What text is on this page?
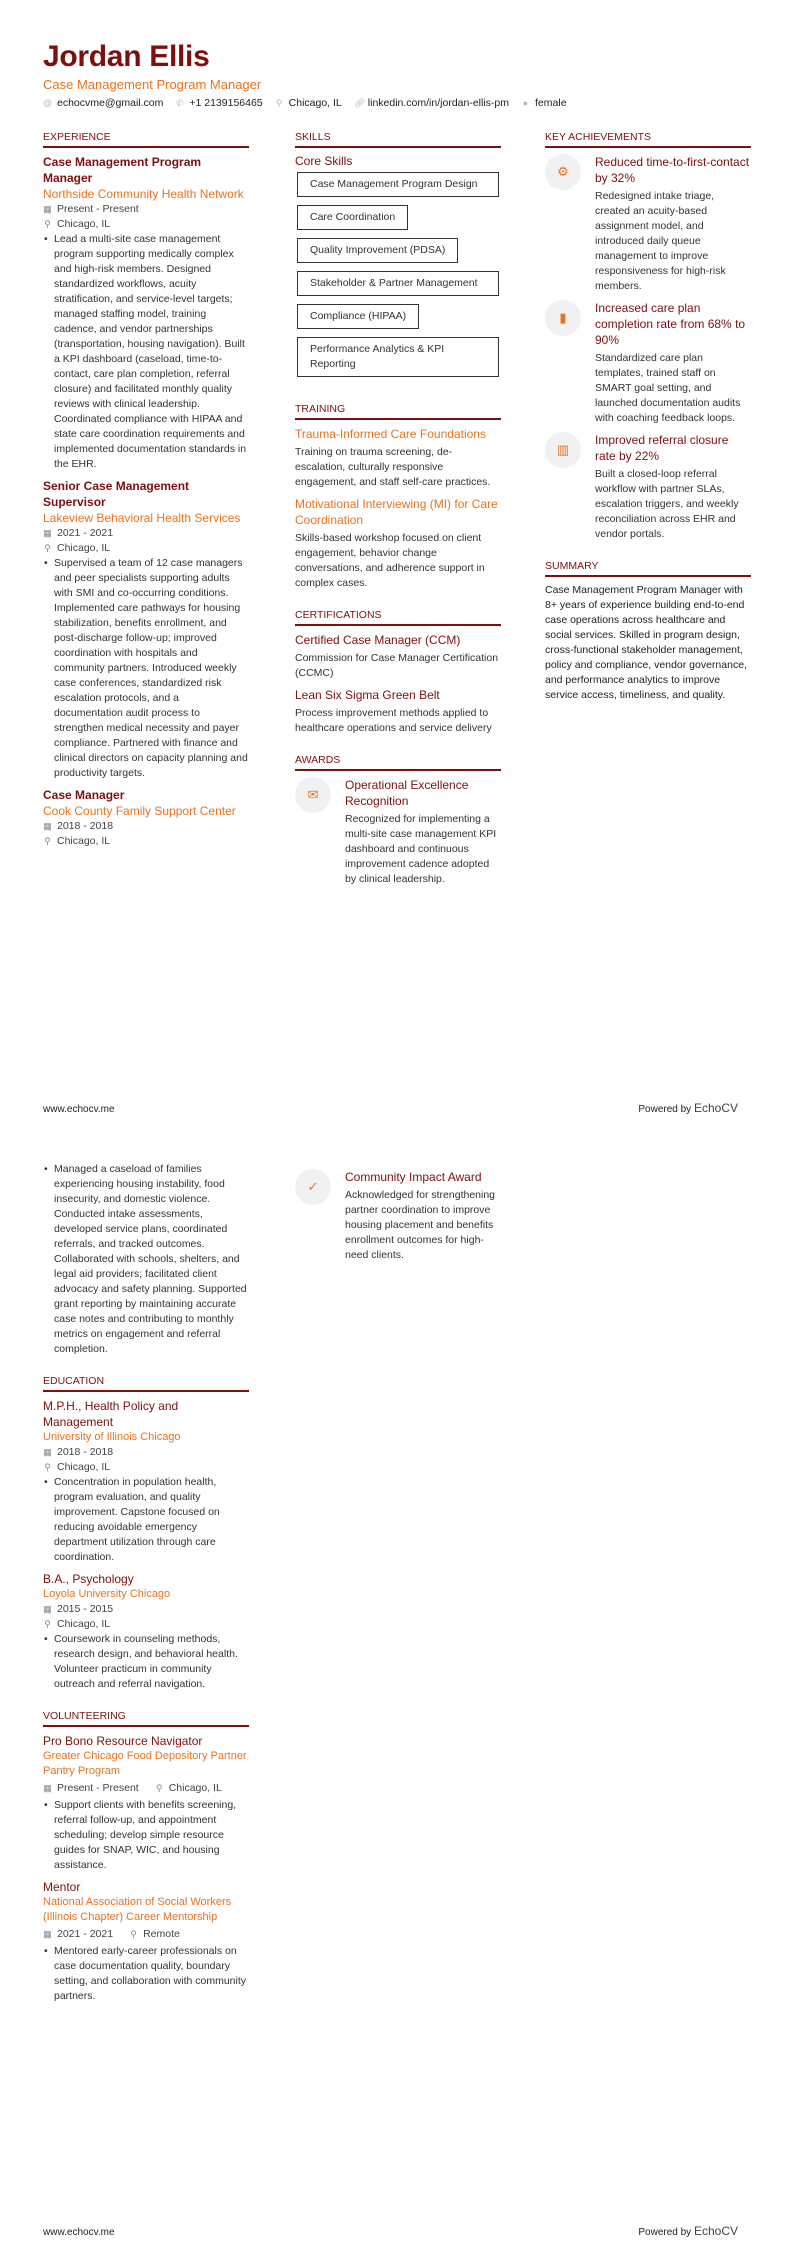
Jordan Ellis
Case Management Program Manager
@ echocvme@gmail.com ✆ +1 2139156465 ⚲ Chicago, IL 🔗︎ linkedin.com/in/jordan-ellis-pm ● female
EXPERIENCE
Case Management Program Manager
Northside Community Health Network
▦ Present - Present
⚲ Chicago, IL
• Lead a multi-site case management program supporting medically complex and high-risk members. Designed standardized workflows, acuity stratification, and service-level targets; managed staffing model, training cadence, and vendor partnerships (transportation, housing navigation). Built a KPI dashboard (caseload, time-to-contact, care plan completion, referral closure) and facilitated monthly quality reviews with clinical leadership. Coordinated compliance with HIPAA and state care coordination requirements and implemented documentation standards in the EHR.
Senior Case Management Supervisor
Lakeview Behavioral Health Services
▦ 2021 - 2021
⚲ Chicago, IL
• Supervised a team of 12 case managers and peer specialists supporting adults with SMI and co-occurring conditions. Implemented care pathways for housing stabilization, benefits enrollment, and post-discharge follow-up; improved coordination with hospitals and community partners. Introduced weekly case conferences, standardized risk escalation protocols, and a documentation audit process to strengthen medical necessity and payer compliance. Partnered with finance and clinical directors on capacity planning and productivity targets.
Case Manager
Cook County Family Support Center
▦ 2018 - 2018
⚲ Chicago, IL
SKILLS
Core Skills
Case Management Program Design
Care Coordination
Quality Improvement (PDSA)
Stakeholder & Partner Management
Compliance (HIPAA)
Performance Analytics & KPI Reporting
TRAINING
Trauma-Informed Care Foundations
Training on trauma screening, de-escalation, culturally responsive engagement, and staff self-care practices.
Motivational Interviewing (MI) for Care Coordination
Skills-based workshop focused on client engagement, behavior change conversations, and adherence support in complex cases.
CERTIFICATIONS
Certified Case Manager (CCM)
Commission for Case Manager Certification (CCMC)
Lean Six Sigma Green Belt
Process improvement methods applied to healthcare operations and service delivery
AWARDS
✉
Operational Excellence Recognition
Recognized for implementing a multi-site case management KPI dashboard and continuous improvement cadence adopted by clinical leadership.
KEY ACHIEVEMENTS
⚙
Reduced time-to-first-contact by 32%
Redesigned intake triage, created an acuity-based assignment model, and introduced daily queue management to improve responsiveness for high-risk members.
▮
Increased care plan completion rate from 68% to 90%
Standardized care plan templates, trained staff on SMART goal setting, and launched documentation audits with coaching feedback loops.
▥
Improved referral closure rate by 22%
Built a closed-loop referral workflow with partner SLAs, escalation triggers, and weekly reconciliation across EHR and vendor portals.
SUMMARY
Case Management Program Manager with 8+ years of experience building end-to-end case operations across healthcare and social services. Skilled in program design, cross-functional stakeholder management, policy and compliance, vendor governance, and performance analytics to improve service access, timeliness, and quality.
www.echocv.me	Powered by EchoCV
• Managed a caseload of families experiencing housing instability, food insecurity, and domestic violence. Conducted intake assessments, developed service plans, coordinated referrals, and tracked outcomes. Collaborated with schools, shelters, and legal aid providers; facilitated client advocacy and safety planning. Supported grant reporting by maintaining accurate case notes and contributing to monthly metrics on engagement and referral completion.
EDUCATION
M.P.H., Health Policy and Management
University of Illinois Chicago
▦ 2018 - 2018
⚲ Chicago, IL
• Concentration in population health, program evaluation, and quality improvement. Capstone focused on reducing avoidable emergency department utilization through care coordination.
B.A., Psychology
Loyola University Chicago
▦ 2015 - 2015
⚲ Chicago, IL
• Coursework in counseling methods, research design, and behavioral health. Volunteer practicum in community outreach and referral navigation.
VOLUNTEERING
Pro Bono Resource Navigator
Greater Chicago Food Depository Partner Pantry Program
▦ Present - Present ⚲ Chicago, IL
• Support clients with benefits screening, referral follow-up, and appointment scheduling; develop simple resource guides for SNAP, WIC, and housing assistance.
Mentor
National Association of Social Workers (Illinois Chapter) Career Mentorship
▦ 2021 - 2021 ⚲ Remote
• Mentored early-career professionals on case documentation quality, boundary setting, and collaboration with community partners.
✓
Community Impact Award
Acknowledged for strengthening partner coordination to improve housing placement and benefits enrollment outcomes for high-need clients.
www.echocv.me	Powered by EchoCV
